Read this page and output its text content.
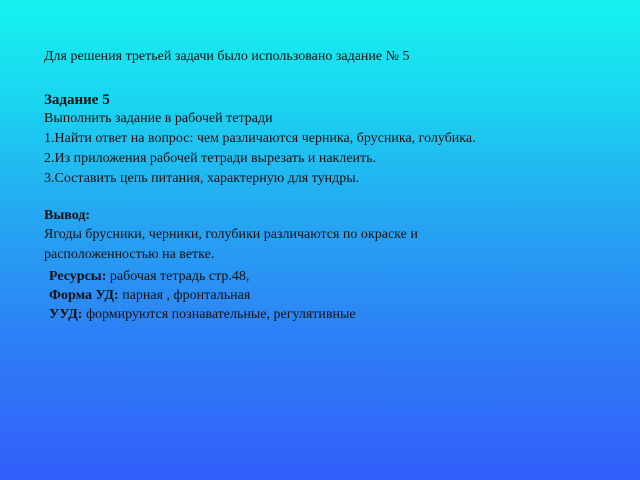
Для решения третьей задачи было использовано задание № 5
Задание 5
Выполнить задание в рабочей тетради
1.Найти ответ на вопрос: чем различаются черника, брусника, голубика.
2.Из приложения рабочей тетради вырезать и наклеить.
3.Составить цепь питания, характерную для тундры.
Вывод:
Ягоды брусники, черники, голубики различаются по окраске и
расположенностью на ветке.
Ресурсы: рабочая тетрадь стр.48,
Форма УД: парная , фронтальная
УУД: формируются познавательные, регулятивные
